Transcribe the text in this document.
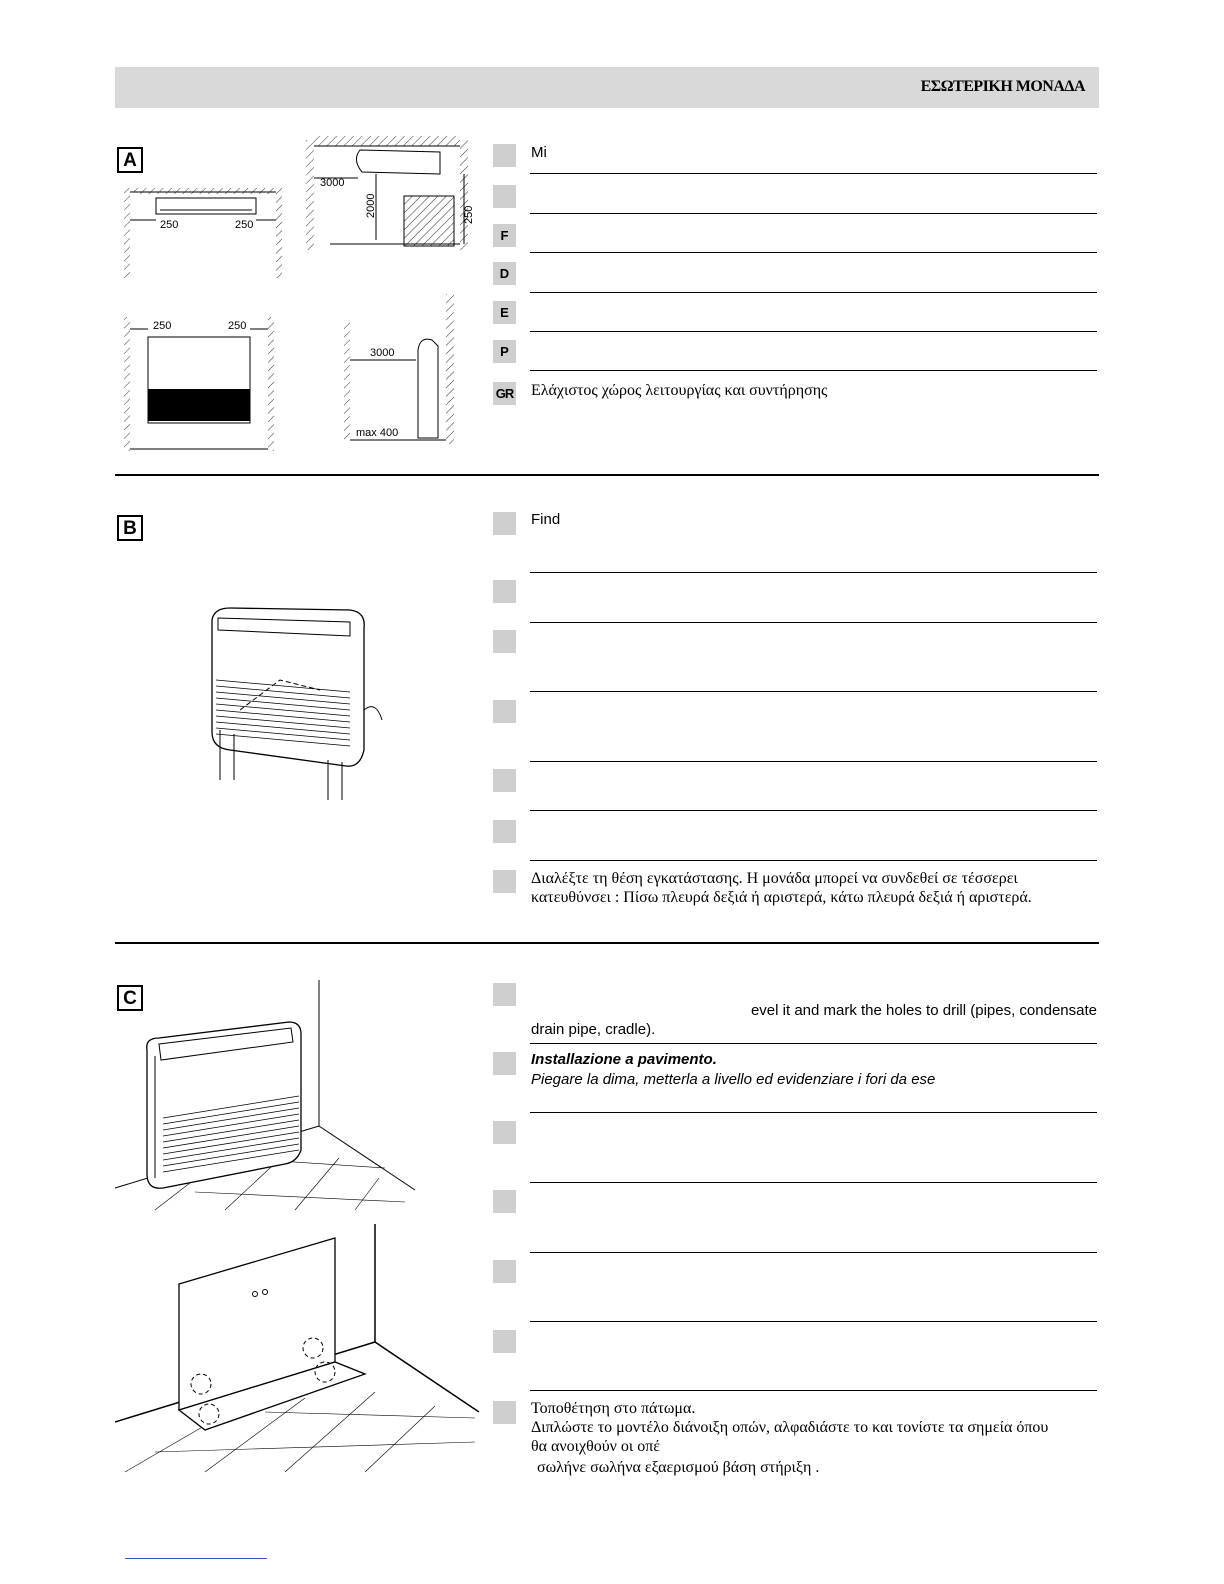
ΕΣΩΤΕΡΙΚΗ ΜΟΝΑΔΑ
A
250	250
3000
2000	250
250	250
3000
max 400
Mi
F
D
E
P
GR Ελάχιστος χώρος λειτουργίας και συντήρησης
B	Find
Διαλέξτε τη θέση εγκατάστασης. Η μονάδα μπορεί να συνδεθεί σε τέσσερει
κατευθύνσει : Πίσω πλευρά δεξιά ή αριστερά, κάτω πλευρά δεξιά ή αριστερά.
C
evel it and mark the holes to drill (pipes, condensate
drain pipe, cradle).
Installazione a pavimento.
Piegare la dima, metterla a livello ed evidenziare i fori da ese
Τοποθέτηση στο πάτωμα.
Διπλώστε το μοντέλο διάνοιξη οπών, αλφαδιάστε το και τονίστε τα σημεία όπου
θα ανοιχθούν οι οπέ
σωλήνε σωλήνα εξαερισμού βάση στήριξη .
